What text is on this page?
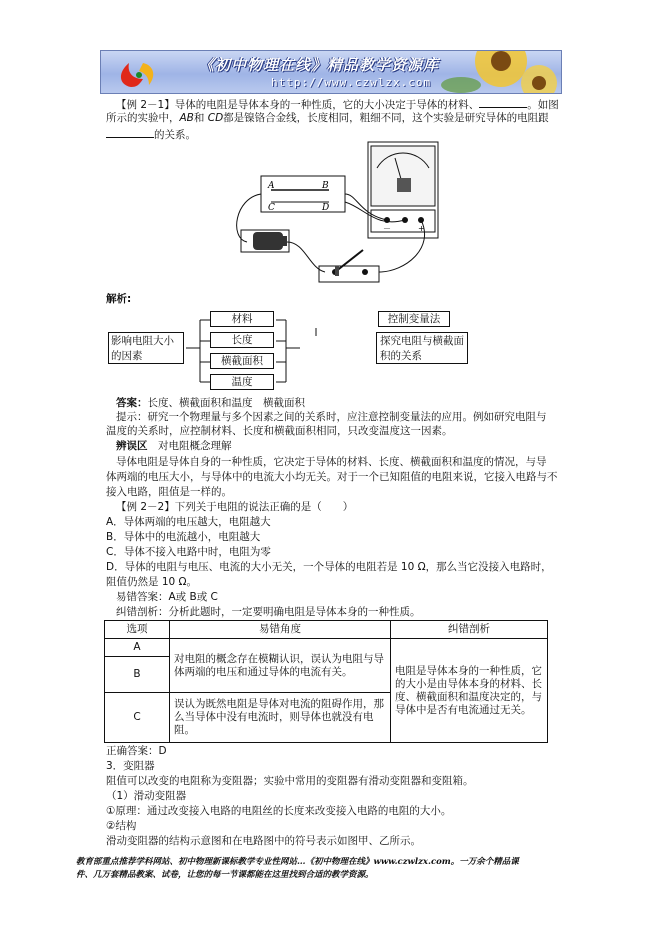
《初中物理在线》精品教学资源库
http://www.czwlzx.com
【例 2－1】导体的电阻是导体本身的一种性质，它的大小决定于导体的材料、	。如图
所示的实验中，AB和 CD都是镍铬合金线，长度相同，粗细不同，这个实验是研究导体的电阻跟
的关系。
A	B
C	D
－	+
解析:
影响电阻大小的因素
材料
长度
横截面积
温度
控制变量法
探究电阻与横截面积的关系
答案：长度、横截面积和温度　横截面积
提示：研究一个物理量与多个因素之间的关系时，应注意控制变量法的应用。例如研究电阻与
温度的关系时，应控制材料、长度和横截面积相同，只改变温度这一因素。
辨误区　 对电阻概念理解
导体电阻是导体自身的一种性质，它决定于导体的材料、长度、横截面积和温度的情况，与导
体两端的电压大小，与导体中的电流大小均无关。对于一个已知阻值的电阻来说，它接入电路与不
接入电路，阻值是一样的。
【例 2－2】下列关于电阻的说法正确的是（　　）
A．导体两端的电压越大，电阻越大
B．导体中的电流越小，电阻越大
C．导体不接入电路中时，电阻为零
D．导体的电阻与电压、电流的大小无关，一个导体的电阻若是 10 Ω，那么当它没接入电路时，
阻值仍然是 10 Ω。
易错答案：A或 B或 C
纠错剖析：分析此题时，一定要明确电阻是导体本身的一种性质。
选项	易错角度	纠错剖析
A	对电阻的概念存在模糊认识，误认为电阻与导体两端的电压和通过导体的电流有关。	电阻是导体本身的一种性质，它的大小是由导体本身的材料、长度、横截面积和温度决定的，与导体中是否有电流通过无关。
B		
C	误认为既然电阻是导体对电流的阻碍作用，那么当导体中没有电流时，则导体也就没有电阻。	
正确答案：D
3．变阻器
阻值可以改变的电阻称为变阻器；实验中常用的变阻器有滑动变阻器和变阻箱。
（1）滑动变阻器
①原理：通过改变接入电路的电阻丝的长度来改变接入电路的电阻的大小。
②结构
滑动变阻器的结构示意图和在电路图中的符号表示如图甲、乙所示。
教育部重点推荐学科网站、初中物理新课标教学专业性网站…《初中物理在线》www.czwlzx.com。一万余个精品课
件、几万套精品教案、试卷，让您的每一节课都能在这里找到合适的教学资源。
